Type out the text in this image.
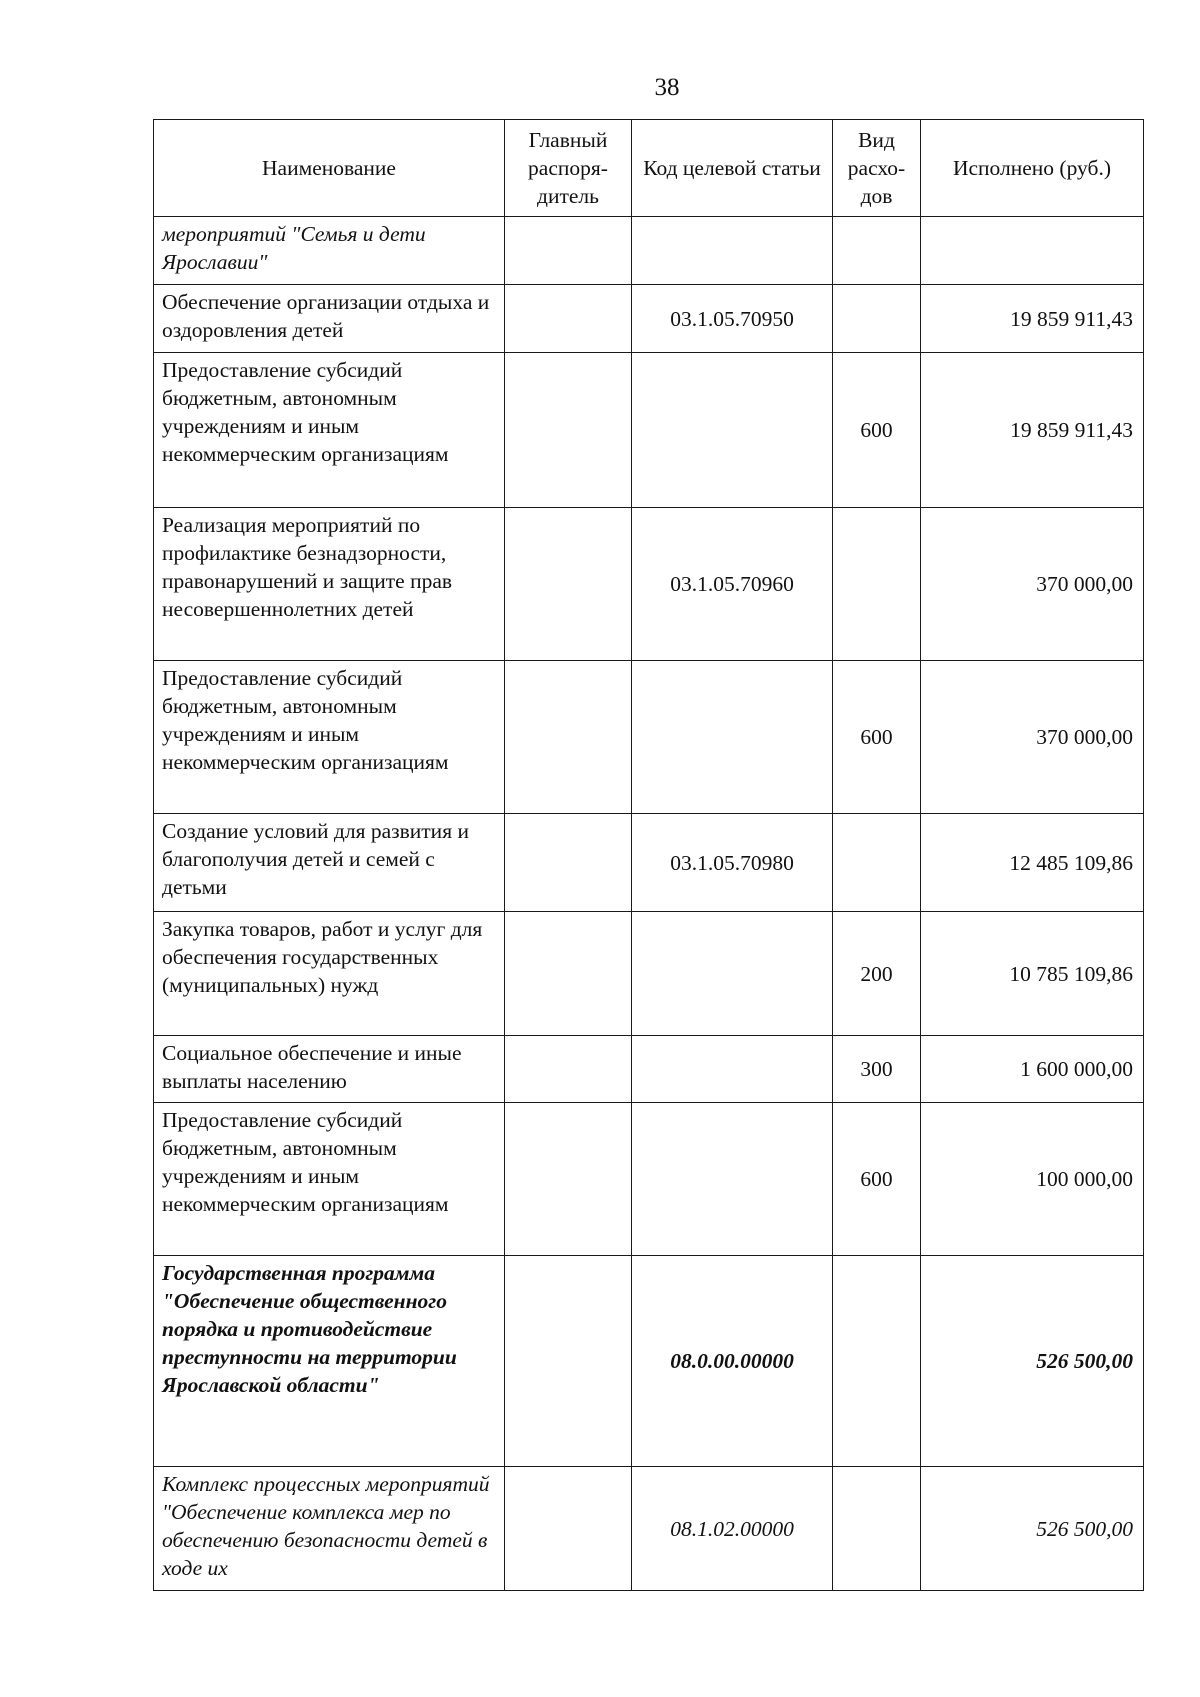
38
Наименование	Главный распоря-дитель	Код целевой статьи	Вид расхо-дов	Исполнено (руб.)
мероприятий "Семья и дети Ярославии"				
Обеспечение организации отдыха и оздоровления детей		03.1.05.70950		19 859 911,43
Предоставление субсидий бюджетным, автономным учреждениям и иным некоммерческим организациям			600	19 859 911,43
Реализация мероприятий по профилактике безнадзорности, правонарушений и защите прав несовершеннолетних детей		03.1.05.70960		370 000,00
Предоставление субсидий бюджетным, автономным учреждениям и иным некоммерческим организациям			600	370 000,00
Создание условий для развития и благополучия детей и семей с детьми		03.1.05.70980		12 485 109,86
Закупка товаров, работ и услуг для обеспечения государственных (муниципальных) нужд			200	10 785 109,86
Социальное обеспечение и иные выплаты населению			300	1 600 000,00
Предоставление субсидий бюджетным, автономным учреждениям и иным некоммерческим организациям			600	100 000,00
Государственная программа "Обеспечение общественного порядка и противодействие преступности на территории Ярославской области"		08.0.00.00000		526 500,00
Комплекс процессных мероприятий "Обеспечение комплекса мер по обеспечению безопасности детей в ходе их		08.1.02.00000		526 500,00
